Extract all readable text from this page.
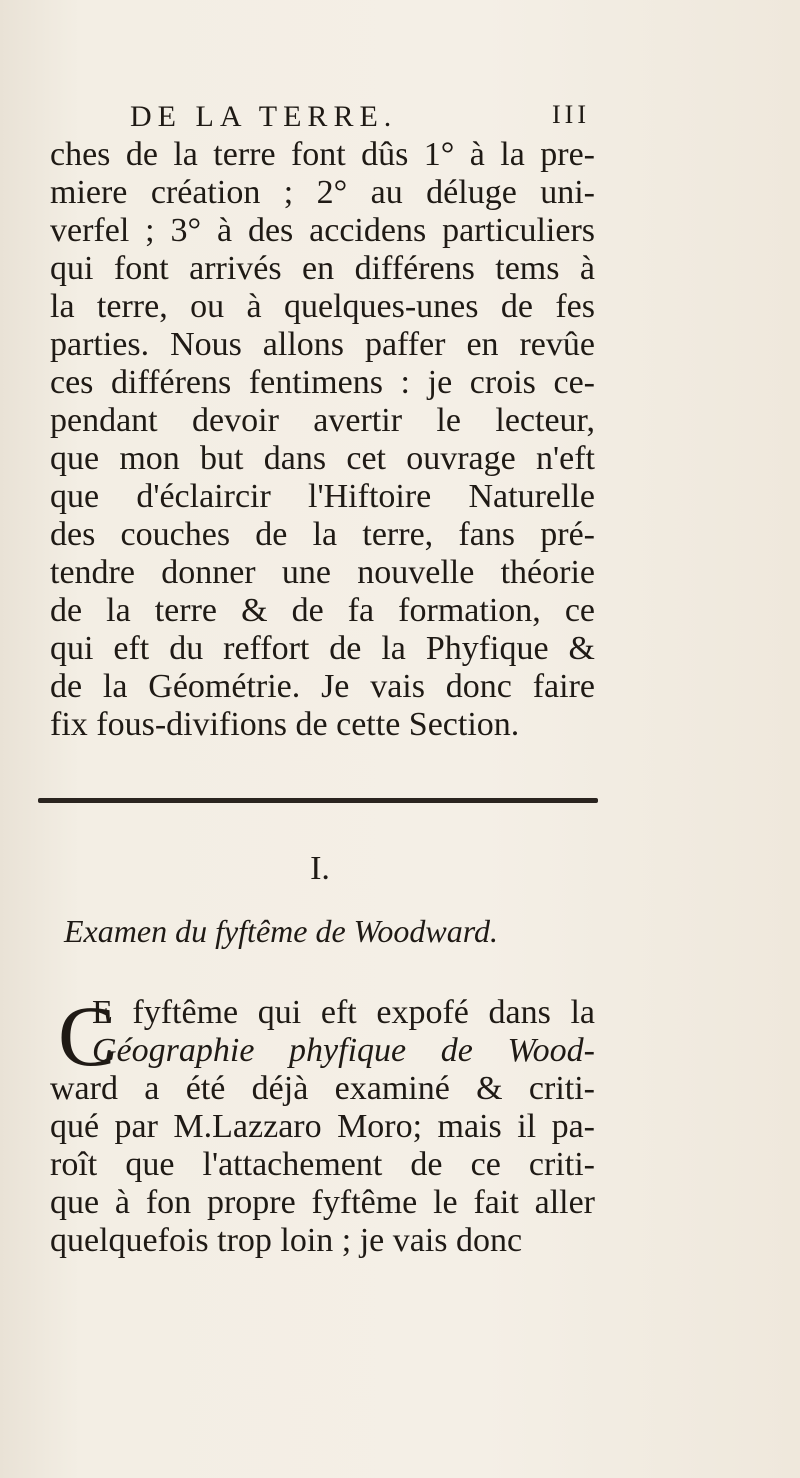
DE LA TERRE.	III
ches de la terre font dûs 1° à la pre-
miere création ; 2° au déluge uni-
verfel ; 3° à des accidens particuliers
qui font arrivés en différens tems à
la terre, ou à quelques-unes de fes
parties. Nous allons paffer en revûe
ces différens fentimens : je crois ce-
pendant devoir avertir le lecteur,
que mon but dans cet ouvrage n'eft
que d'éclaircir l'Hiftoire Naturelle
des couches de la terre, fans pré-
tendre donner une nouvelle théorie
de la terre & de fa formation, ce
qui eft du reffort de la Phyfique &
de la Géométrie. Je vais donc faire
fix fous-divifions de cette Section.
I.
Examen du fyftême de Woodward.
C
E fyftême qui eft expofé dans la
Géographie phyfique de Wood-
ward a été déjà examiné & criti-
qué par M.Lazzaro Moro; mais il pa-
roît que l'attachement de ce criti-
que à fon propre fyftême le fait aller
quelquefois trop loin ; je vais donc
